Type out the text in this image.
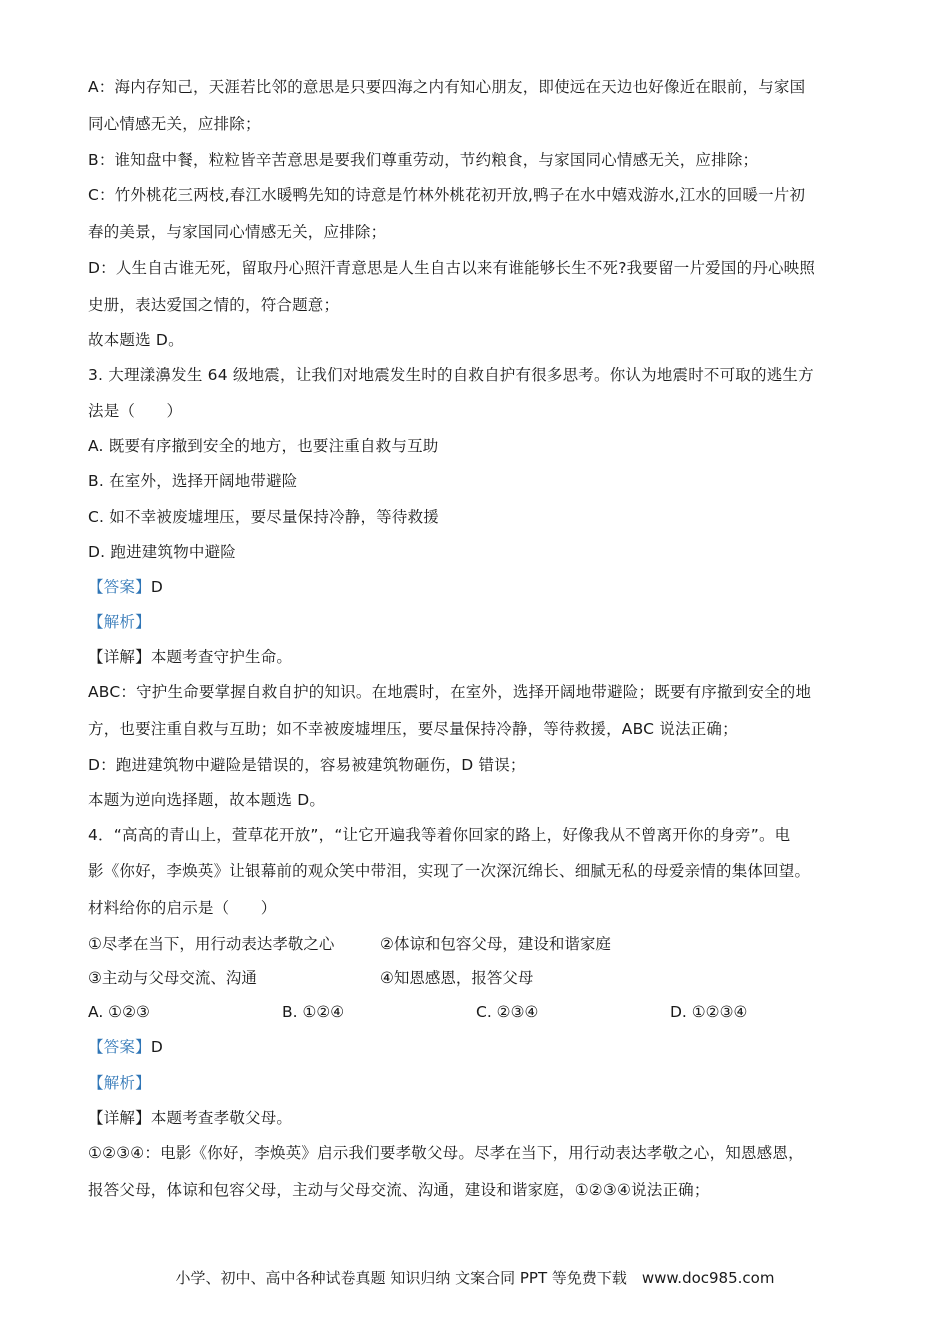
A：海内存知己，天涯若比邻的意思是只要四海之内有知心朋友，即使远在天边也好像近在眼前，与家国
同心情感无关，应排除；
B：谁知盘中餐，粒粒皆辛苦意思是要我们尊重劳动，节约粮食，与家国同心情感无关，应排除；
C：竹外桃花三两枝,春江水暖鸭先知的诗意是竹林外桃花初开放,鸭子在水中嬉戏游水,江水的回暖一片初
春的美景，与家国同心情感无关，应排除；
D：人生自古谁无死，留取丹心照汗青意思是人生自古以来有谁能够长生不死?我要留一片爱国的丹心映照
史册，表达爱国之情的，符合题意；
故本题选 D。
3. 大理漾濞发生 64 级地震，让我们对地震发生时的自救自护有很多思考。你认为地震时不可取的逃生方
法是（　　）
A. 既要有序撤到安全的地方，也要注重自救与互助
B. 在室外，选择开阔地带避险
C. 如不幸被废墟埋压，要尽量保持冷静，等待救援
D. 跑进建筑物中避险
【答案】D
【解析】
【详解】本题考查守护生命。
ABC：守护生命要掌握自救自护的知识。在地震时，在室外，选择开阔地带避险；既要有序撤到安全的地
方，也要注重自救与互助；如不幸被废墟埋压，要尽量保持冷静，等待救援，ABC 说法正确；
D：跑进建筑物中避险是错误的，容易被建筑物砸伤，D 错误；
本题为逆向选择题，故本题选 D。
4．“高高的青山上，萱草花开放”，“让它开遍我等着你回家的路上，好像我从不曾离开你的身旁”。电
影《你好，李焕英》让银幕前的观众笑中带泪，实现了一次深沉绵长、细腻无私的母爱亲情的集体回望。
材料给你的启示是（　　）
①尽孝在当下，用行动表达孝敬之心	②体谅和包容父母，建设和谐家庭
③主动与父母交流、沟通	④知恩感恩，报答父母
A. ①②③	B. ①②④	C. ②③④	D. ①②③④
【答案】D
【解析】
【详解】本题考查孝敬父母。
①②③④：电影《你好，李焕英》启示我们要孝敬父母。尽孝在当下，用行动表达孝敬之心，知恩感恩，
报答父母，体谅和包容父母，主动与父母交流、沟通，建设和谐家庭，①②③④说法正确；
小学、初中、高中各种试卷真题 知识归纳 文案合同 PPT 等免费下载　www.doc985.com
